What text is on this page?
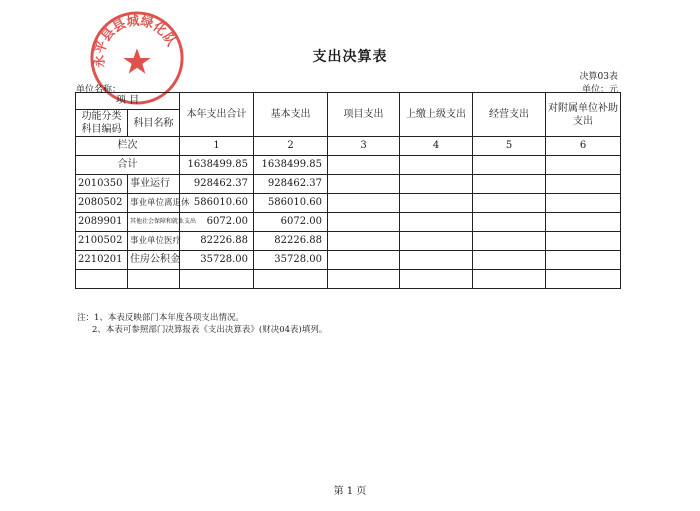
永平县县城绿化队
支出决算表
决算03表
单位名称：	单位：元
项 目		本年支出合计	基本支出	项目支出	上缴上级支出	经营支出	对附属单位补助支出
功能分类科目编码	科目名称						
栏次		1	2	3	4	5	6
合计		1638499.85	1638499.85				
2010350	事业运行	928462.37	928462.37				
2080502	事业单位离退休	586010.60	586010.60				
2089901	其他社会保障和就业支出	6072.00	6072.00				
2100502	事业单位医疗	82226.88	82226.88				
2210201	住房公积金	35728.00	35728.00				

注：1、本表反映部门本年度各项支出情况。
2、本表可参照部门决算报表《支出决算表》(财决04表)填列。
第 1 页
